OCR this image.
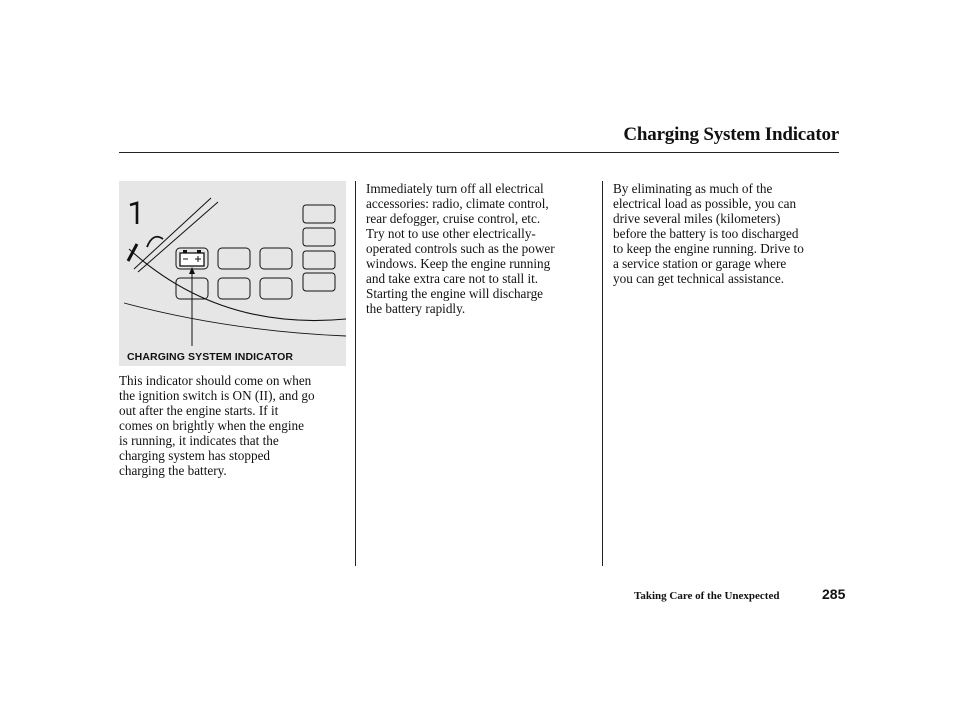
Charging System Indicator
CHARGING SYSTEM INDICATOR

This indicator should come on when
the ignition switch is ON (II), and go
out after the engine starts. If it
comes on brightly when the engine
is running, it indicates that the
charging system has stopped
charging the battery.

Immediately turn off all electrical
accessories: radio, climate control,
rear defogger, cruise control, etc.
Try not to use other electrically-
operated controls such as the power
windows. Keep the engine running
and take extra care not to stall it.
Starting the engine will discharge
the battery rapidly.

By eliminating as much of the
electrical load as possible, you can
drive several miles (kilometers)
before the battery is too discharged
to keep the engine running. Drive to
a service station or garage where
you can get technical assistance.

Taking Care of the Unexpected	285
